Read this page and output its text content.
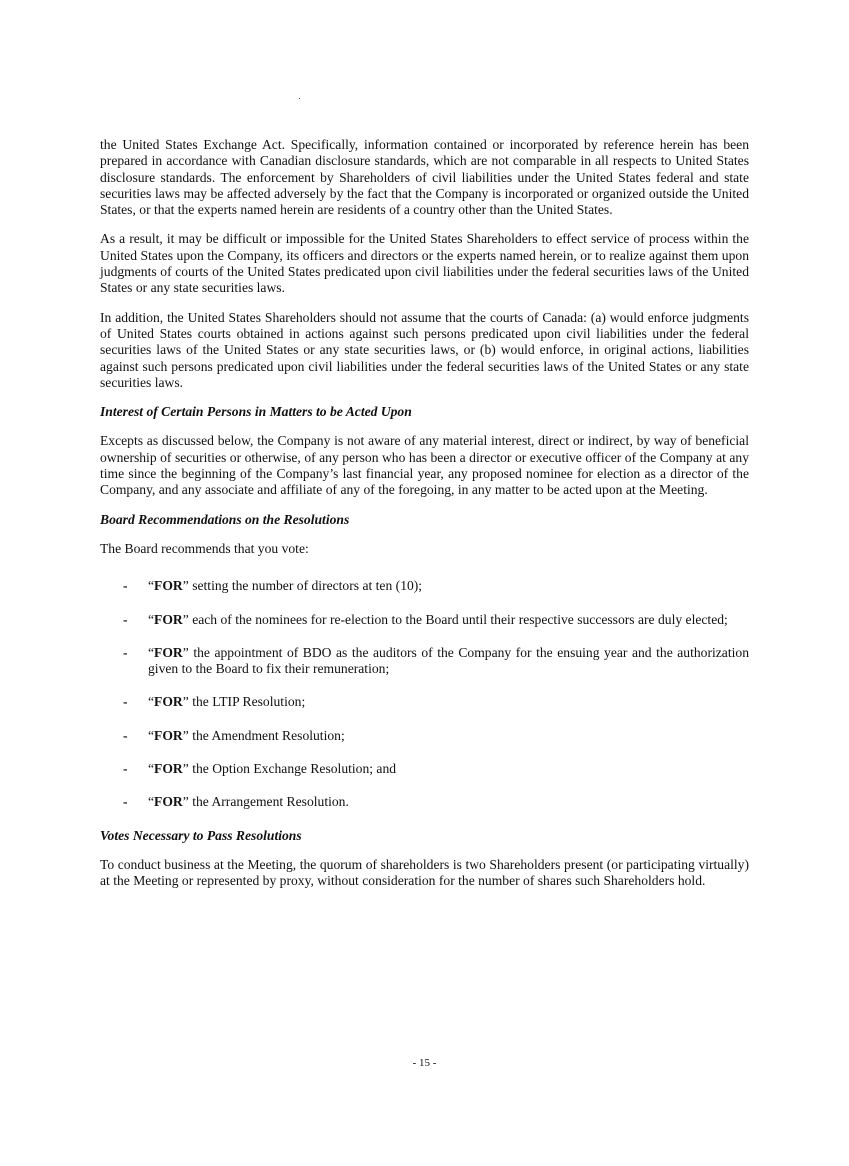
the United States Exchange Act. Specifically, information contained or incorporated by reference herein has been prepared in accordance with Canadian disclosure standards, which are not comparable in all respects to United States disclosure standards. The enforcement by Shareholders of civil liabilities under the United States federal and state securities laws may be affected adversely by the fact that the Company is incorporated or organized outside the United States, or that the experts named herein are residents of a country other than the United States.

As a result, it may be difficult or impossible for the United States Shareholders to effect service of process within the United States upon the Company, its officers and directors or the experts named herein, or to realize against them upon judgments of courts of the United States predicated upon civil liabilities under the federal securities laws of the United States or any state securities laws.

In addition, the United States Shareholders should not assume that the courts of Canada: (a) would enforce judgments of United States courts obtained in actions against such persons predicated upon civil liabilities under the federal securities laws of the United States or any state securities laws, or (b) would enforce, in original actions, liabilities against such persons predicated upon civil liabilities under the federal securities laws of the United States or any state securities laws.

Interest of Certain Persons in Matters to be Acted Upon

Excepts as discussed below, the Company is not aware of any material interest, direct or indirect, by way of beneficial ownership of securities or otherwise, of any person who has been a director or executive officer of the Company at any time since the beginning of the Company’s last financial year, any proposed nominee for election as a director of the Company, and any associate and affiliate of any of the foregoing, in any matter to be acted upon at the Meeting.

Board Recommendations on the Resolutions

The Board recommends that you vote:

- “FOR” setting the number of directors at ten (10);
- “FOR” each of the nominees for re-election to the Board until their respective successors are duly elected;
- “FOR” the appointment of BDO as the auditors of the Company for the ensuing year and the authorization given to the Board to fix their remuneration;
- “FOR” the LTIP Resolution;
- “FOR” the Amendment Resolution;
- “FOR” the Option Exchange Resolution; and
- “FOR” the Arrangement Resolution.

Votes Necessary to Pass Resolutions

To conduct business at the Meeting, the quorum of shareholders is two Shareholders present (or participating virtually) at the Meeting or represented by proxy, without consideration for the number of shares such Shareholders hold.

- 15 -
